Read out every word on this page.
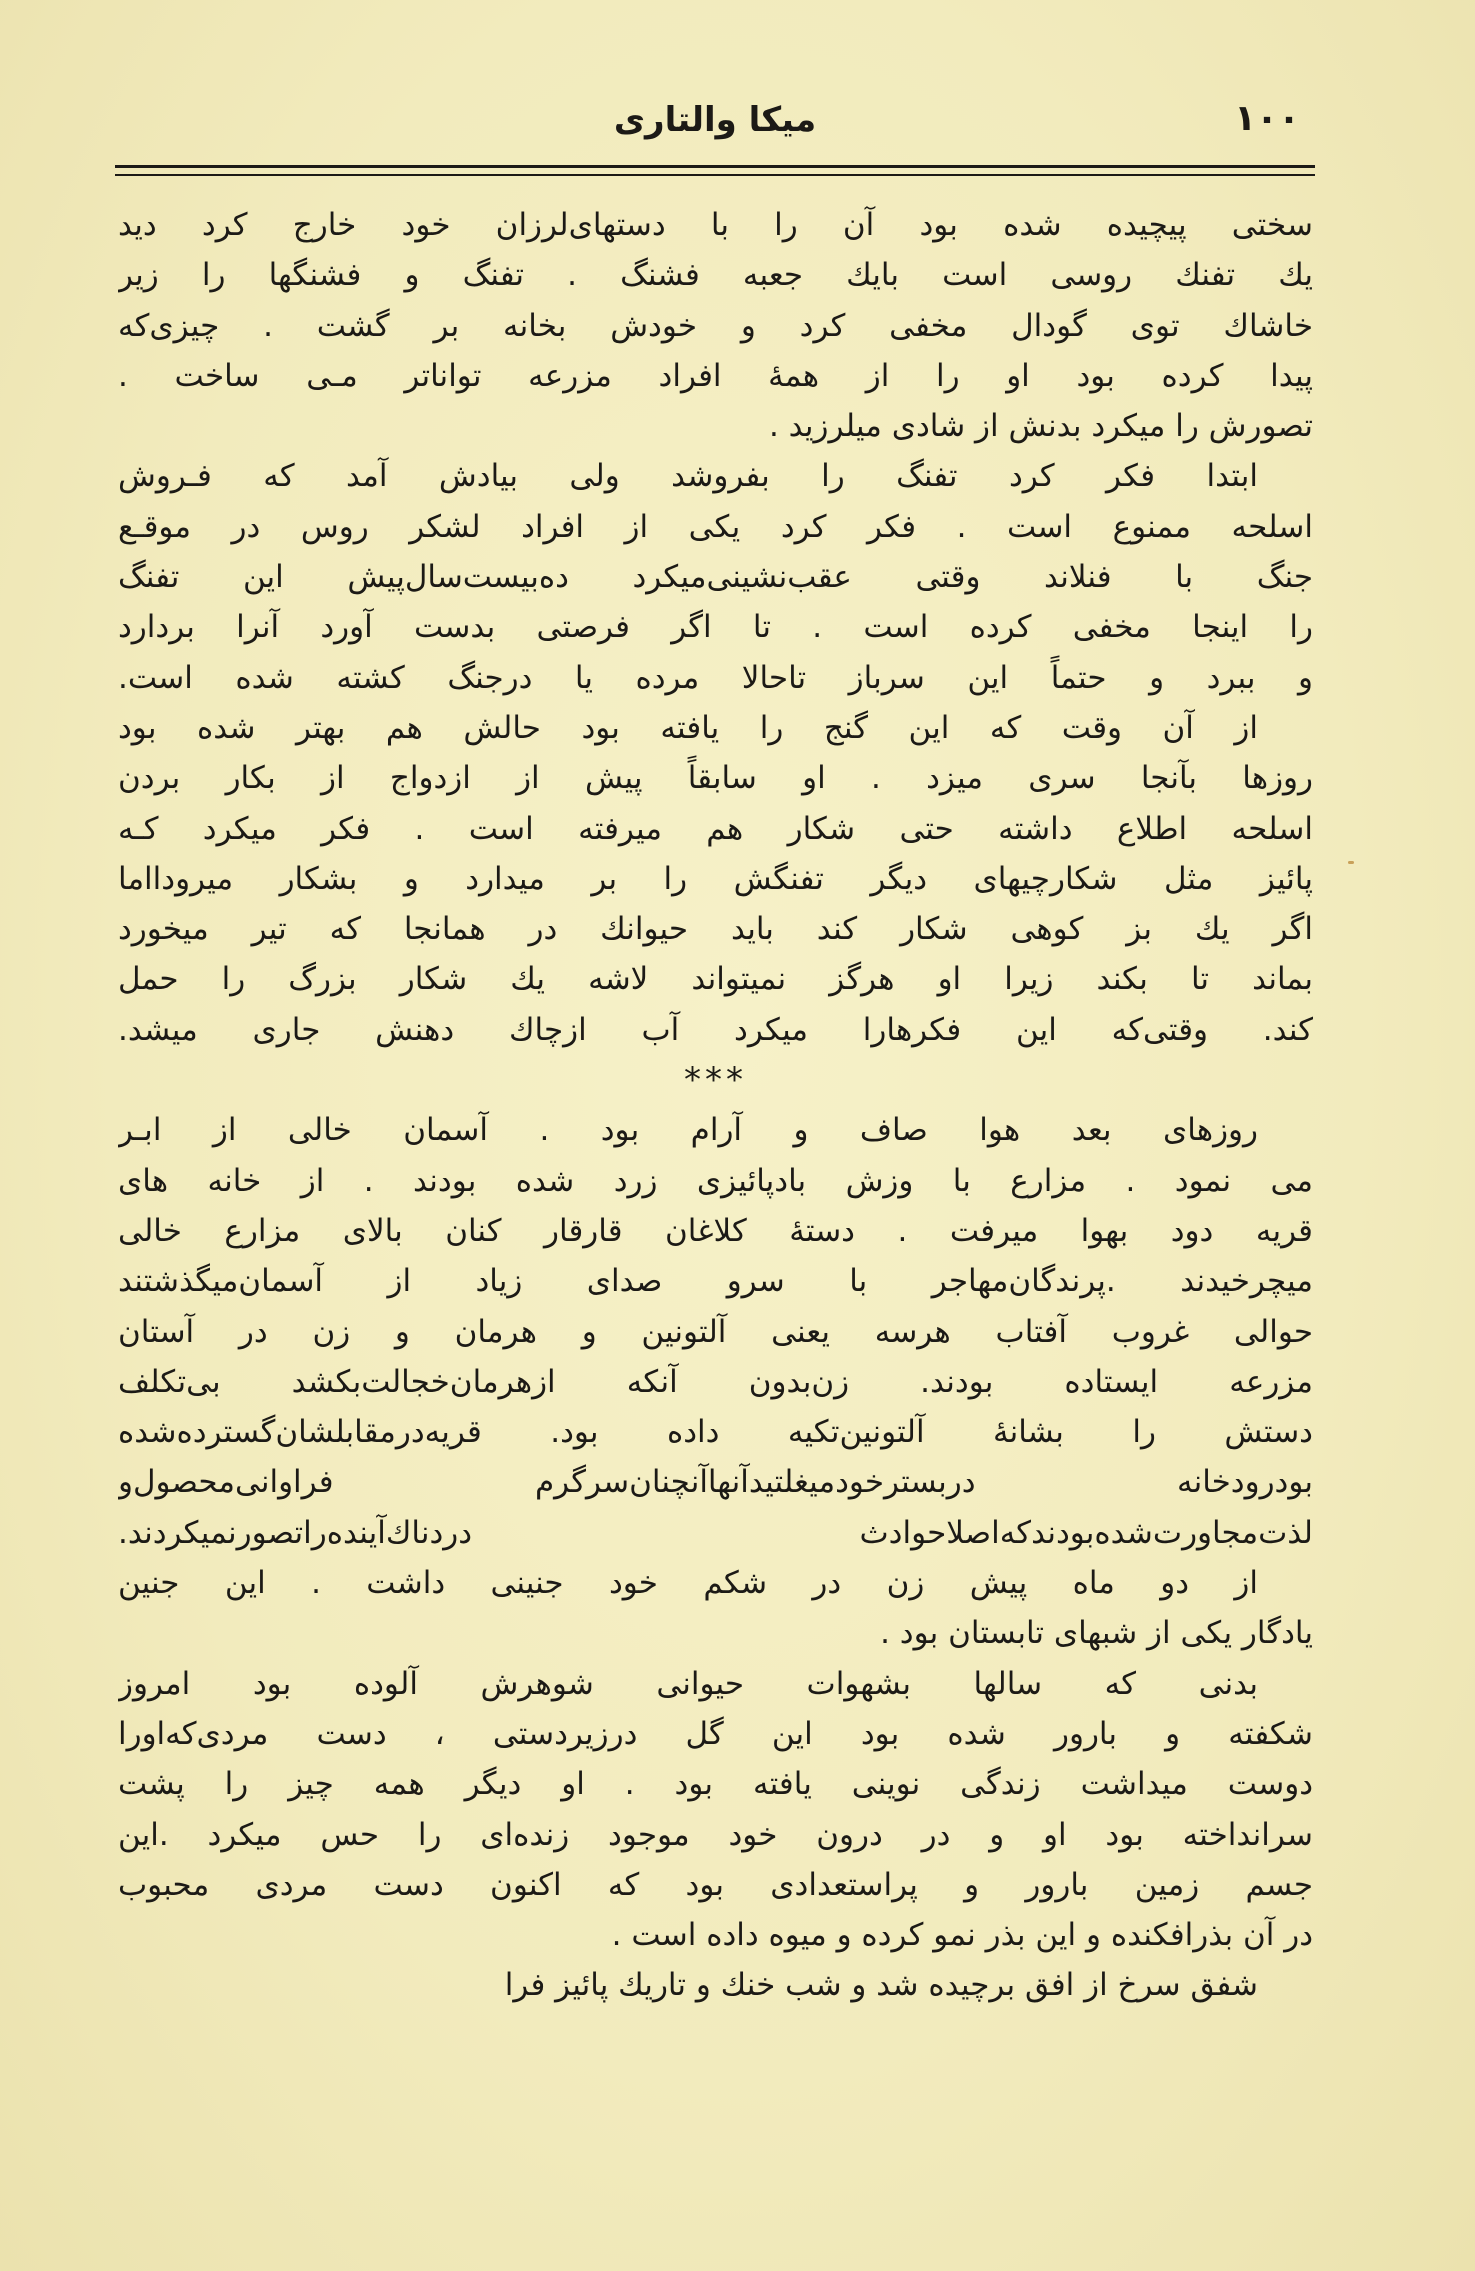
۱۰۰
میکا والتاری
سختی پیچیده شده بود آن را با دستهای‌لرزان خود خارج کرد دید
یك تفنك روسی است بایك جعبه فشنگ . تفنگ و فشنگها را زیر
خاشاك توی گودال مخفی کرد و خودش بخانه بر گشت . چیزی‌که
پیدا کرده بود او را از همهٔ افراد مزرعه تواناتر مـی ساخت .
تصورش را میکرد بدنش از شادی میلرزید .
ابتدا فکر کرد تفنگ را بفروشد ولی بیادش آمد که فـروش
اسلحه ممنوع است . فکر کرد یکی از افراد لشکر روس در موقـع
جنگ با فنلاند وقتی عقب‌نشینی‌میکرد ده‌بیست‌سال‌پیش این تفنگ
را اینجا مخفی کرده است . تا اگر فرصتی بدست آورد آنرا بردارد
و ببرد و حتماً این سرباز تاحالا مرده یا درجنگ کشته شده است.
از آن وقت که این گنج را یافته بود حالش هم بهتر شده بود
روزها بآنجا سری میزد . او سابقاً پیش از ازدواج از بکار بردن
اسلحه اطلاع داشته حتی شکار هم میرفته است . فکر میکرد کـه
پائیز مثل شکارچیهای دیگر تفنگش را بر میدارد و بشکار میرودااما
اگر یك بز کوهی شکار کند باید حیوانك در همانجا که تیر میخورد
بماند تا بکند زیرا او هرگز نمیتواند لاشه یك شکار بزرگ را حمل
کند. وقتی‌که این فکرهارا میکرد آب ازچاك دهنش جاری میشد.
***
روزهای بعد هوا صاف و آرام بود . آسمان خالی از ابـر
می نمود . مزارع با وزش بادپائیزی زرد شده بودند . از خانه های
قریه دود بهوا میرفت . دستهٔ کلاغان قارقار کنان بالای مزارع خالی
میچرخیدند .پرندگان‌مهاجر با سرو صدای زیاد از آسمان‌میگذشتند
حوالی غروب آفتاب هرسه یعنی آلتونین و هرمان و زن در آستان
مزرعه ایستاده بودند. زن‌بدون آنکه ازهرمان‌خجالت‌بکشد بی‌تکلف
دستش را بشانهٔ آلتونین‌تکیه داده بود. قریه‌درمقابلشان‌گسترده‌شده
بودرودخانه دربسترخودمیغلتید‌آنهاآنچنان‌سرگرم فراوانی‌محصول‌و
لذت‌مجاورت‌شده‌بودندکه‌اصلاحوادث دردناك‌آینده‌را‌تصورنمیکردند.
از دو ماه پیش زن در شکم خود جنینی داشت . این جنین
یادگار یکی از شبهای تابستان بود .
بدنی که سالها بشهوات حیوانی شوهرش آلوده بود امروز
شکفته و بارور شده بود این گل درزیردستی ، دست مردی‌که‌اورا
دوست میداشت زندگی نوینی یافته بود . او دیگر همه چیز را پشت
سرانداخته بود او و در درون خود موجود زنده‌ای را حس میکرد .این
جسم زمین بارور و پراستعدادی بود که اکنون دست مردی محبوب
در آن بذرافکنده و این بذر نمو کرده و میوه داده است .
شفق سرخ از افق برچیده شد و شب خنك و تاریك پائیز فرا
